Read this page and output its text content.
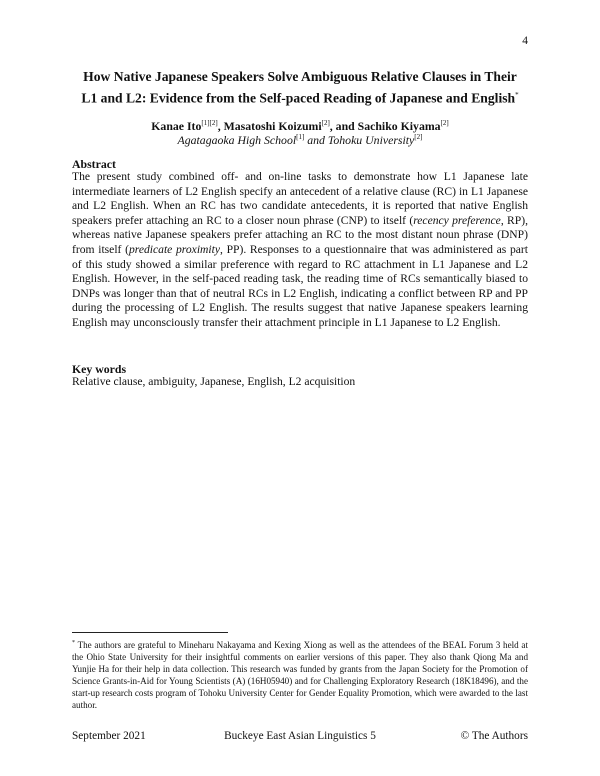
4
How Native Japanese Speakers Solve Ambiguous Relative Clauses in Their
L1 and L2: Evidence from the Self-paced Reading of Japanese and English*
Kanae Ito[1][2], Masatoshi Koizumi[2], and Sachiko Kiyama[2]
Agatagaoka High School[1] and Tohoku University[2]
Abstract
The present study combined off- and on-line tasks to demonstrate how L1 Japanese late intermediate learners of L2 English specify an antecedent of a relative clause (RC) in L1 Japanese and L2 English. When an RC has two candidate antecedents, it is reported that native English speakers prefer attaching an RC to a closer noun phrase (CNP) to itself (recency preference, RP), whereas native Japanese speakers prefer attaching an RC to the most distant noun phrase (DNP) from itself (predicate proximity, PP). Responses to a questionnaire that was administered as part of this study showed a similar preference with regard to RC attachment in L1 Japanese and L2 English. However, in the self-paced reading task, the reading time of RCs semantically biased to DNPs was longer than that of neutral RCs in L2 English, indicating a conflict between RP and PP during the processing of L2 English. The results suggest that native Japanese speakers learning English may unconsciously transfer their attachment principle in L1 Japanese to L2 English.
Key words
Relative clause, ambiguity, Japanese, English, L2 acquisition
* The authors are grateful to Mineharu Nakayama and Kexing Xiong as well as the attendees of the BEAL Forum 3 held at the Ohio State University for their insightful comments on earlier versions of this paper. They also thank Qiong Ma and Yunjie Ha for their help in data collection. This research was funded by grants from the Japan Society for the Promotion of Science Grants-in-Aid for Young Scientists (A) (16H05940) and for Challenging Exploratory Research (18K18496), and the start-up research costs program of Tohoku University Center for Gender Equality Promotion, which were awarded to the last author.
September 2021	Buckeye East Asian Linguistics 5	© The Authors
